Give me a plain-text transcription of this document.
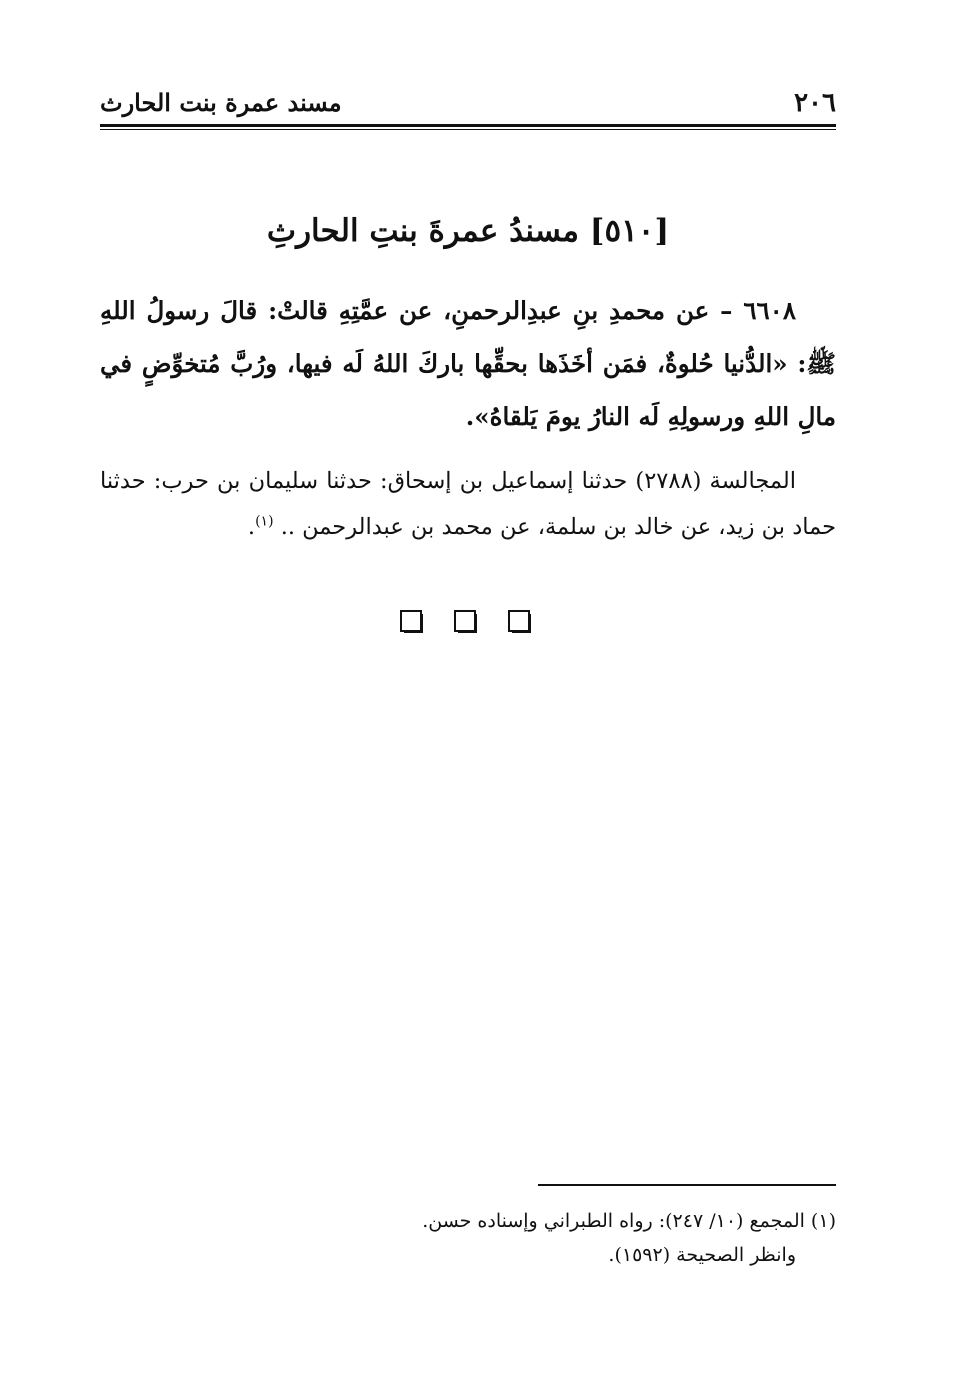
٢٠٦
مسند عمرة بنت الحارث
[٥١٠] مسندُ عمرةَ بنتِ الحارثِ
٦٦٠٨ – عن محمدِ بنِ عبدِالرحمنِ، عن عمَّتِهِ قالتْ: قالَ رسولُ اللهِ ﷺ: «الدُّنيا حُلوةٌ، فمَن أخَذَها بحقِّها باركَ اللهُ لَه فيها، ورُبَّ مُتخوِّضٍ في مالِ اللهِ ورسولِهِ لَه النارُ يومَ يَلقاهُ».
المجالسة (٢٧٨٨) حدثنا إسماعيل بن إسحاق: حدثنا سليمان بن حرب: حدثنا حماد بن زيد، عن خالد بن سلمة، عن محمد بن عبدالرحمن .. $^{(١)}$.
(١) المجمع (١٠/ ٢٤٧): رواه الطبراني وإسناده حسن.
وانظر الصحيحة (١٥٩٢).
